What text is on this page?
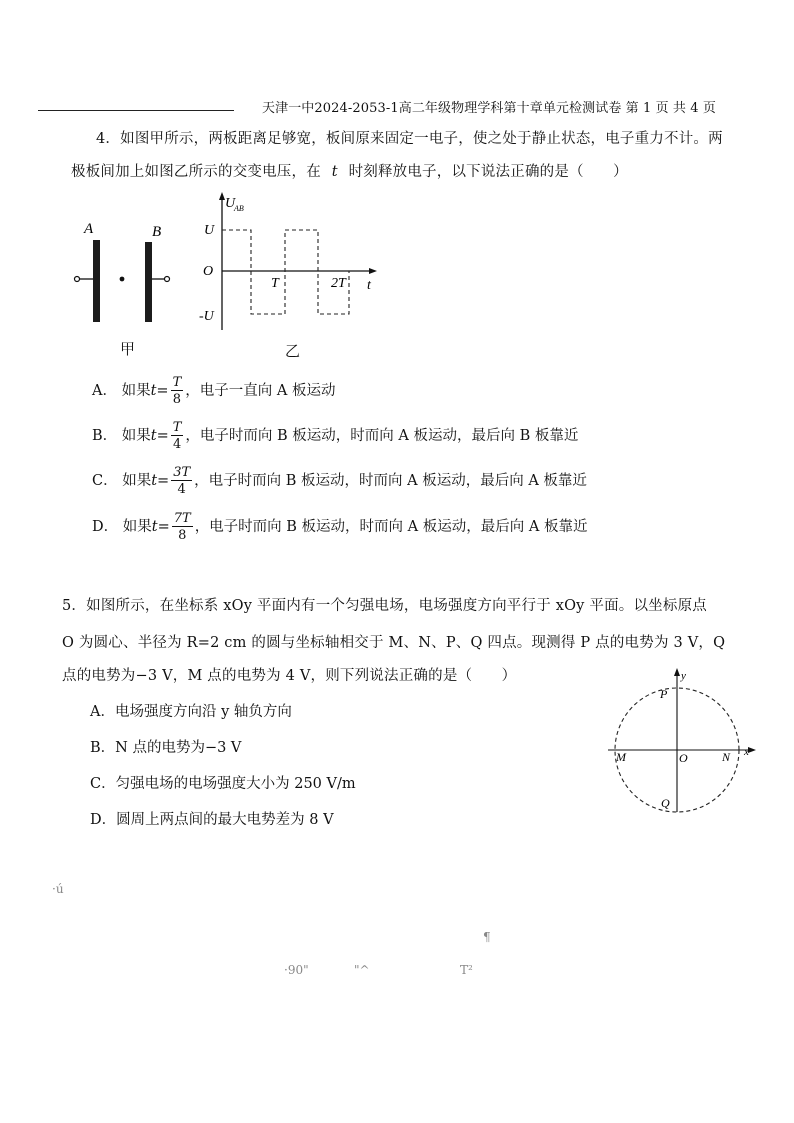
天津一中2024-2053-1高二年级物理学科第十章单元检测试卷 第 1 页 共 4 页
4．如图甲所示，两板距离足够宽，板间原来固定一电子，使之处于静止状态，电子重力不计。两
极板间加上如图乙所示的交变电压，在 t 时刻释放电子，以下说法正确的是（　　）
A	B
甲
U
AB
t
U
-U
O
T	2T
乙
A． 如果$t= \frac{T}{8}$ ，电子一直向 A 板运动
B． 如果$t= \frac{T}{4}$ ，电子时而向 B 板运动，时而向 A 板运动，最后向 B 板靠近
C． 如果$t= \frac{3T}{4}$ ，电子时而向 B 板运动，时而向 A 板运动，最后向 A 板靠近
D． 如果$t= \frac{7T}{8}$ ，电子时而向 B 板运动，时而向 A 板运动，最后向 A 板靠近
5．如图所示，在坐标系 xOy 平面内有一个匀强电场，电场强度方向平行于 xOy 平面。以坐标原点
O 为圆心、半径为 R=2 cm 的圆与坐标轴相交于 M、N、P、Q 四点。现测得 P 点的电势为 3 V，Q
点的电势为−3 V，M 点的电势为 4 V，则下列说法正确的是（　　）
A．电场强度方向沿 y 轴负方向
B．N 点的电势为−3 V
C．匀强电场的电场强度大小为 250 V/m
D．圆周上两点间的最大电势差为 8 V
x
y
O
P
Q
M	N
·ú
¶
·90"	"^	T²
